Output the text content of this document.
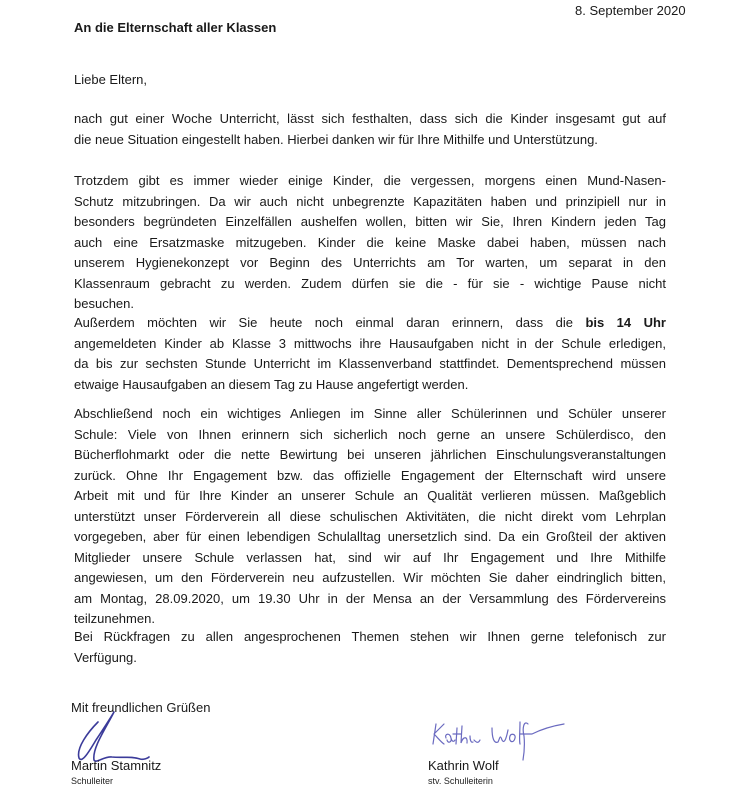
8. September 2020
An die Elternschaft aller Klassen
Liebe Eltern,
nach gut einer Woche Unterricht, lässt sich festhalten, dass sich die Kinder insgesamt gut auf
die neue Situation eingestellt haben. Hierbei danken wir für Ihre Mithilfe und Unterstützung.
Trotzdem gibt es immer wieder einige Kinder, die vergessen, morgens einen Mund-Nasen-
Schutz mitzubringen. Da wir auch nicht unbegrenzte Kapazitäten haben und prinzipiell nur in
besonders begründeten Einzelfällen aushelfen wollen, bitten wir Sie, Ihren Kindern jeden Tag
auch eine Ersatzmaske mitzugeben. Kinder die keine Maske dabei haben, müssen nach
unserem Hygienekonzept vor Beginn des Unterrichts am Tor warten, um separat in den
Klassenraum gebracht zu werden. Zudem dürfen sie die - für sie - wichtige Pause nicht
besuchen.
Außerdem möchten wir Sie heute noch einmal daran erinnern, dass die bis 14 Uhr
angemeldeten Kinder ab Klasse 3 mittwochs ihre Hausaufgaben nicht in der Schule erledigen,
da bis zur sechsten Stunde Unterricht im Klassenverband stattfindet. Dementsprechend müssen
etwaige Hausaufgaben an diesem Tag zu Hause angefertigt werden.
Abschließend noch ein wichtiges Anliegen im Sinne aller Schülerinnen und Schüler unserer
Schule: Viele von Ihnen erinnern sich sicherlich noch gerne an unsere Schülerdisco, den
Bücherflohmarkt oder die nette Bewirtung bei unseren jährlichen Einschulungsveranstaltungen
zurück. Ohne Ihr Engagement bzw. das offizielle Engagement der Elternschaft wird unsere
Arbeit mit und für Ihre Kinder an unserer Schule an Qualität verlieren müssen. Maßgeblich
unterstützt unser Förderverein all diese schulischen Aktivitäten, die nicht direkt vom Lehrplan
vorgegeben, aber für einen lebendigen Schulalltag unersetzlich sind. Da ein Großteil der aktiven
Mitglieder unsere Schule verlassen hat, sind wir auf Ihr Engagement und Ihre Mithilfe
angewiesen, um den Förderverein neu aufzustellen. Wir möchten Sie daher eindringlich bitten,
am Montag, 28.09.2020, um 19.30 Uhr in der Mensa an der Versammlung des Fördervereins
teilzunehmen.
Bei Rückfragen zu allen angesprochenen Themen stehen wir Ihnen gerne telefonisch zur
Verfügung.
Mit freundlichen Grüßen
Martin Stamnitz
Schulleiter
Kathrin Wolf
stv. Schulleiterin
